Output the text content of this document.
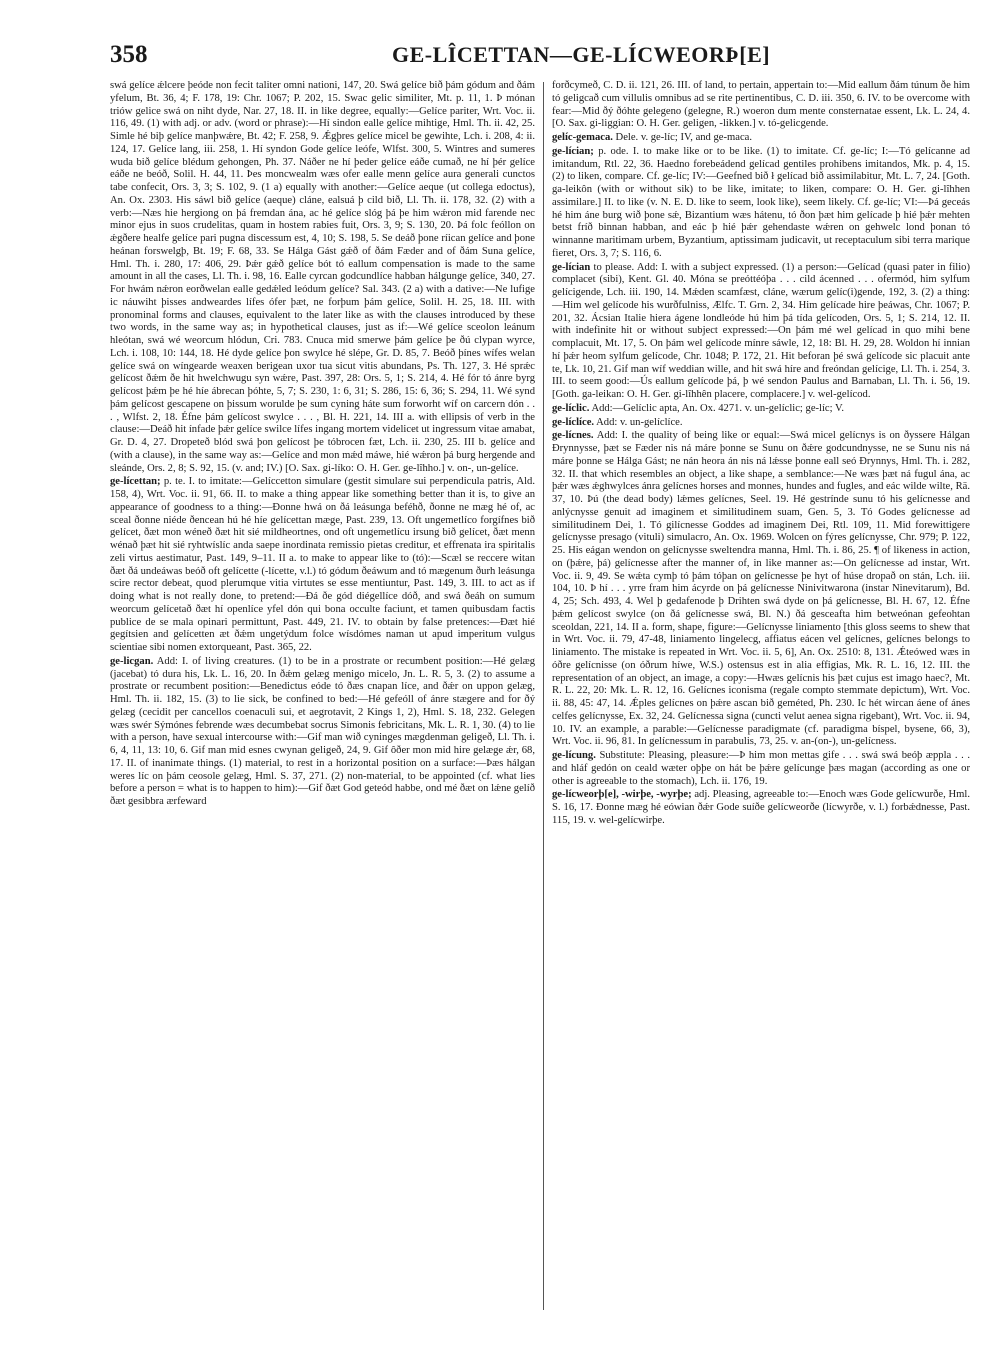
358	GE-LÎCETTAN—GE-LÍCWEORÞ[E]

swá gelíce ǽlcere þeóde non fecit taliter omni nationi, 147, 20. Swá gelíce bið þám gódum and ðám yfelum, Bt. 36, 4; F. 178, 19: Chr. 1067; P. 202, 15. Swac gelic similiter, Mt. p. 11, 1. Þ mónan triów gelice swá on niht dyde, Nar. 27, 18. II. in like degree, equally:—Gelíce pariter, Wrt. Voc. ii. 116, 49. (1) with adj. or adv. (word or phrase):—Hí sindon ealle gelíce mihtige, Hml. Th. ii. 42, 25. Simle hé biþ gelíce manþwǽre, Bt. 42; F. 258, 9. Ǽgþres gelíce micel be gewihte, Lch. i. 208, 4: ii. 124, 17. Gelíce lang, iii. 258, 1. Hí syndon Gode gelíce leófe, Wlfst. 300, 5. Wintres and sumeres wuda bið gelíce blédum gehongen, Ph. 37. Náðer ne hí þeder gelíce eáðe cumað, ne hí þér gelíce eáðe ne beóð, Solil. H. 44, 11. Þes moncwealm wæs ofer ealle menn gelíce aura generali cunctos tabe confecit, Ors. 3, 3; S. 102, 9. (1 a) equally with another:—Gelíce aeque (ut collega edoctus), An. Ox. 2303. His sáwl bið gelíce (aeque) cláne, ealsuá þ cild bið, Ll. Th. ii. 178, 32. (2) with a verb:—Næs hie hergiong on þá fremdan ána, ac hé gelíce slóg þá þe him wǽron mid farende nec minor ejus in suos crudelitas, quam in hostem rabies fuit, Ors. 3, 9; S. 130, 20. Þá folc feóllon on ǽgðere healfe gelíce pari pugna discessum est, 4, 10; S. 198, 5. Se deáð þone ríican gelíce and þone heánan forswelgþ, Bt. 19; F. 68, 33. Se Hálga Gást gǽð of ðám Fæder and of ðám Suna gelíce, Hml. Th. i. 280, 17: 406, 29. Þǽr gǽð gelíce bót tó eallum compensation is made to the same amount in all the cases, Ll. Th. i. 98, 16. Ealle cyrcan godcundlíce habban hálgunge gelíce, 340, 27. For hwám nǽron eorðwelan ealle gedǽled leódum gelíce? Sal. 343. (2 a) with a dative:—Ne lufige ic náuwiht þisses andweardes lífes ófer þæt, ne forþum þám gelíce, Solil. H. 25, 18. III. with pronominal forms and clauses, equivalent to the later like as with the clauses introduced by these two words, in the same way as; in hypothetical clauses, just as if:—Wé gelíce sceolon leánum hleótan, swá wé weorcum hlódun, Cri. 783. Cnuca mid smerwe þám gelíce þe ðú clypan wyrce, Lch. i. 108, 10: 144, 18. Hé dyde gelíce þon swylce hé slépe, Gr. D. 85, 7. Beóð þínes wífes welan gelíce swá on wíngearde weaxen berigean uxor tua sicut vitis abundans, Ps. Th. 127, 3. Hé sprǽc gelícost ðǽm ðe hit hwelchwugu syn wǽre, Past. 397, 28: Ors. 5, 1; S. 214, 4. Hé fór tó ánre byrg gelícost þǽm þe hé híe ábrecan þóhte, 5, 7; S. 230, 1: 6, 31; S. 286, 15: 6, 36; S. 294, 11. Wé synd þám gelícost gescapene on þissum worulde þe sum cyning háte sum forworht wíf on carcern dón . . . , Wlfst. 2, 18. Éfne þám gelícost swylce . . . , Bl. H. 221, 14. III a. with ellipsis of verb in the clause:—Deáð hit ínfade þǽr gelíce swilce lífes ingang mortem videlicet ut ingressum vitae amabat, Gr. D. 4, 27. Dropeteð blód swá þon gelícost þe tóbrocen fæt, Lch. ii. 230, 25. III b. gelíce and (with a clause), in the same way as:—Gelíce and mon mǽd máwe, hié wǽron þá burg hergende and sleánde, Ors. 2, 8; S. 92, 15. (v. and; IV.) [O. Sax. gi-líko: O. H. Ger. ge-lîhho.] v. on-, un-gelíce.

ge-lícettan; p. te. I. to imitate:—Gelíccetton simulare (gestit simulare sui perpendicula patris, Ald. 158, 4), Wrt. Voc. ii. 91, 66. II. to make a thing appear like something better than it is, to give an appearance of goodness to a thing:—Ðonne hwá on ðá leásunga beféhð, ðonne ne mæg hé of, ac sceal ðonne niéde ðencean hú hé híe gelícettan mæge, Past. 239, 13. Oft ungemetlíco forgífnes bið gelícet, ðæt mon wéneð ðæt hit sié mildheortnes, ond oft ungemetlícu irsung bið gelícet, ðæt menn wénað þæt hit sié ryhtwíslíc anda saepe inordinata remissio pietas creditur, et effrenata ira spiritalis zeli virtus aestimatur, Past. 149, 9–11. II a. to make to appear like to (tó):—Scæl se reccere witan ðæt ðá undeáwas beóð oft gelícette (-lícette, v.l.) tó gódum ðeáwum and tó mægenum ðurh leásunga scire rector debeat, quod plerumque vitia virtutes se esse mentiuntur, Past. 149, 3. III. to act as if doing what is not really done, to pretend:—Ðá ðe gód diégellíce dóð, and swá ðeáh on sumum weorcum gelícetað ðæt hí openlíce yfel dón qui bona occulte faciunt, et tamen quibusdam factis publice de se mala opinari permittunt, Past. 449, 21. IV. to obtain by false pretences:—Ðæt hié gegítsien and gelícetten æt ðǽm ungetýdum folce wísdómes naman ut apud imperitum vulgus scientiae sibi nomen extorqueant, Past. 365, 22.

ge-licgan. Add: I. of living creatures. (1) to be in a prostrate or recumbent position:—Hé gelæg (jacebat) tó dura his, Lk. L. 16, 20. In ðǽm gelæg menigo micelo, Jn. L. R. 5, 3. (2) to assume a prostrate or recumbent position:—Benedictus eóde tó ðæs cnapan líce, and ðǽr on uppon gelæg, Hml. Th. ii. 182, 15. (3) to lie sick, be confined to bed:—Hé gefeóll of ánre stægere and for ðý gelæg (cecidit per cancellos coenaculi sui, et aegrotavit, 2 Kings 1, 2), Hml. S. 18, 232. Gelegen wæs swér Sýmónes febrende wæs decumbebat socrus Simonis febricitans, Mk. L. R. 1, 30. (4) to lie with a person, have sexual intercourse with:—Gif man wið cyninges mægdenman geligeð, Ll. Th. i. 6, 4, 11, 13: 10, 6. Gif man mid esnes cwynan geligeð, 24, 9. Gif ôðer mon mid hire gelæge ǽr, 68, 17. II. of inanimate things. (1) material, to rest in a horizontal position on a surface:—Þæs hálgan weres líc on þám ceosole gelæg, Hml. S. 37, 271. (2) non-material, to be appointed (cf. what lies before a person = what is to happen to him):—Gif ðæt God geteód habbe, ond mé ðæt on lǽne gelíð ðæt gesibbra ærfeward

forðcymeð, C. D. ii. 121, 26. III. of land, to pertain, appertain to:—Mid eallum ðám túnum ðe him tó geligcað cum villulis omnibus ad se rite pertinentibus, C. D. iii. 350, 6. IV. to be overcome with fear:—Mid ðý ðóhte gelegeno (gelegne, R.) woeron dum mente consternatae essent, Lk. L. 24, 4. [O. Sax. gi-liggian: O. H. Ger. geligen, -likken.] v. tó-gelicgende.

gelíc-gemaca. Dele. v. ge-líc; IV, and ge-maca.

ge-lícian; p. ode. I. to make like or to be like. (1) to imitate. Cf. ge-líc; I:—Tó gelícanne ad imitandum, Rtl. 22, 36. Haedno forebeádend gelícad gentiles prohibens imitandos, Mk. p. 4, 15. (2) to liken, compare. Cf. ge-líc; IV:—Geefned bið ł gelícad bið assimilabitur, Mt. L. 7, 24. [Goth. ga-leikôn (with or without sik) to be like, imitate; to liken, compare: O. H. Ger. gi-lîhhen assimilare.] II. to like (v. N. E. D. like to seem, look like), seem likely. Cf. ge-líc; VI:—Þá geceás hé him áne burg wið þone sǽ, Bizantium wæs hátenu, tó ðon þæt him gelícade þ hié þǽr mehten betst fríð binnan habban, and eác þ hié þǽr gehendaste wǽren on gehwelc lond þonan tó winnanne maritimam urbem, Byzantium, aptissimam judicavit, ut receptaculum sibi terra marique fieret, Ors. 3, 7; S. 116, 6.

ge-lícian to please. Add: I. with a subject expressed. (1) a person:—Gelícad (quasi pater in filio) complacet (sibi), Kent. Gl. 40. Móna se preóttéóþa . . . cild ácenned . . . ofermód, him sylfum gelícigende, Lch. iii. 190, 14. Mǽden scamfæst, cláne, wærum gelíc(i)gende, 192, 3. (2) a thing:—Him wel gelícode his wurðfulniss, Ælfc. T. Grn. 2, 34. Him gelícade hire þeáwas, Chr. 1067; P. 201, 32. Ácsian Italie hiera ágene londleóde hú him þá tída gelícoden, Ors. 5, 1; S. 214, 12. II. with indefinite hit or without subject expressed:—On þám mé wel gelícad in quo mihi bene complacuit, Mt. 17, 5. On þám wel gelícode mínre sáwle, 12, 18: Bl. H. 29, 28. Woldon hí innian hí þǽr heom sylfum gelícode, Chr. 1048; P. 172, 21. Hit beforan þé swá gelícode sic placuit ante te, Lk. 10, 21. Gif man wíf weddian wille, and hit swá híre and freóndan gelícige, Ll. Th. i. 254, 3. III. to seem good:—Ús eallum gelícode þá, þ wé sendon Paulus and Barnaban, Ll. Th. i. 56, 19. [Goth. ga-leikan: O. H. Ger. gi-lîhhên placere, complacere.] v. wel-gelícod.

ge-líclic. Add:—Gelíclic apta, An. Ox. 4271. v. un-gelíclic; ge-líc; V.

ge-líclíce. Add: v. un-gelíclíce.

ge-lícnes. Add: I. the quality of being like or equal:—Swá micel gelícnys is on ðyssere Hálgan Ðrynnysse, þæt se Fæder nis ná máre þonne se Sunu on ðǽre godcundnysse, ne se Sunu nis ná máre þonne se Hálga Gást; ne nán heora án nis ná lǽsse þonne eall seó Ðrynnys, Hml. Th. i. 282, 32. II. that which resembles an object, a like shape, a semblance:—Ne wæs þæt ná fugul ána, ac þǽr wæs ǽghwylces ánra gelícnes horses and monnes, hundes and fugles, and eác wilde wilte, Rä. 37, 10. Þú (the dead body) lǽmes gelícnes, Seel. 19. Hé gestrínde sunu tó his gelícnesse and anlýcnysse genuit ad imaginem et similitudinem suam, Gen. 5, 3. Tó Godes gelícnesse ad similitudinem Dei, 1. Tó gilícnesse Goddes ad imaginem Dei, Rtl. 109, 11. Mid forewittigere gelícnysse presago (vituli) simulacro, An. Ox. 1969. Wolcen on fýres gelícnysse, Chr. 979; P. 122, 25. His eágan wendon on gelícnysse sweltendra manna, Hml. Th. i. 86, 25. ¶ of likeness in action, on (þǽre, þá) gelícnesse after the manner of, in like manner as:—On gelícnesse ad instar, Wrt. Voc. ii. 9, 49. Se wǽta cymþ tó þám tóþan on gelícnesse þe hyt of húse dropað on stán, Lch. iii. 104, 10. Þ hí . . . yrre fram him ácyrde on þá gelícnesse Ninivitwarona (instar Ninevitarum), Bd. 4, 25; Sch. 493, 4. Wel þ gedafenode þ Drihten swá dyde on þá gelícnesse, Bl. H. 67, 12. Éfne þǽm gelícost swylce (on ðá gelícnesse swá, Bl. N.) ðá gesceafta him betweónan gefeohtan sceoldan, 221, 14. II a. form, shape, figure:—Gelícnysse liniamento [this gloss seems to shew that in Wrt. Voc. ii. 79, 47-48, liniamento lingelecg, affiatus eácen vel gelícnes, gelícnes belongs to liniamento. The mistake is repeated in Wrt. Voc. ii. 5, 6], An. Ox. 2510: 8, 131. Ǽteówed wæs in óðre gelícnisse (on óðrum híwe, W.S.) ostensus est in alia effigias, Mk. R. L. 16, 12. III. the representation of an object, an image, a copy:—Hwæs gelícnis his þæt cujus est imago haec?, Mt. R. L. 22, 20: Mk. L. R. 12, 16. Gelícnes iconisma (regale compto stemmate depictum), Wrt. Voc. ii. 88, 45: 47, 14. Ǽples gelícnes on þǽre ascan bið geméted, Ph. 230. Ic hét wircan áene of ánes celfes gelícnysse, Ex. 32, 24. Gelícnessa signa (cuncti velut aenea signa rigebant), Wrt. Voc. ii. 94, 10. IV. an example, a parable:—Gelícnesse paradigmate (cf. paradigma bíspel, bysene, 66, 3), Wrt. Voc. ii. 96, 81. In gelícnessum in parabulis, 73, 25. v. an-(on-), un-gelícness.

ge-lícung. Substitute: Pleasing, pleasure:—Þ him mon mettas gife . . . swá swá beóþ æppla . . . and hláf gedón on ceald wæter oþþe on hát be þǽre gelícunge þæs magan (according as one or other is agreeable to the stomach), Lch. ii. 176, 19.

ge-lícweorþ[e], -wirþe, -wyrþe; adj. Pleasing, agreeable to:—Enoch wæs Gode gelícwurðe, Hml. S. 16, 17. Ðonne mæg hé eówian ðǽr Gode suíðe gelícweorðe (lícwyrðe, v. l.) forbǽdnesse, Past. 115, 19. v. wel-gelícwirþe.
